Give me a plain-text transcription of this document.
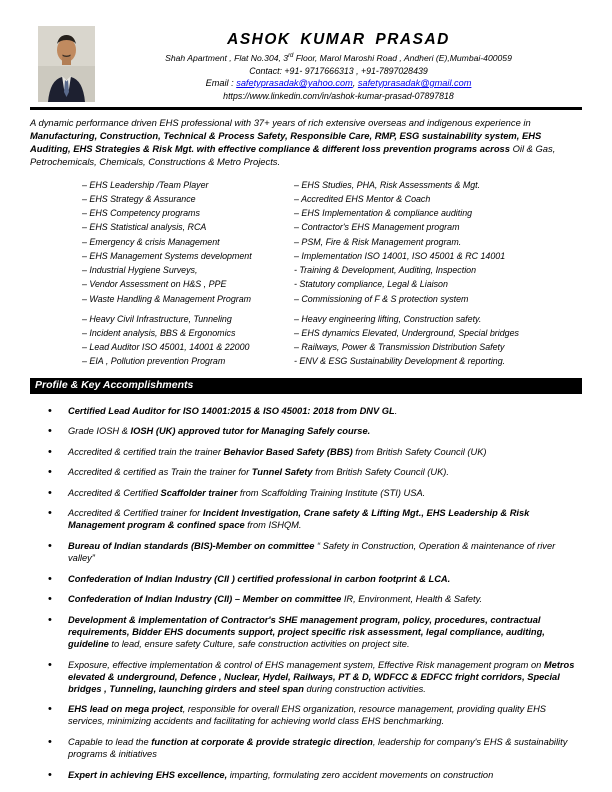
ASHOK KUMAR PRASAD
Shah Apartment , Flat No.304, 3rd Floor, Marol Maroshi Road , Andheri (E),Mumbai-400059
Contact: +91- 9717666313 , +91-7897028439
Email : safetyprasadak@yahoo.com, safetyprasadak@gmail.com
https://www.linkedin.com/in/ashok-kumar-prasad-07897818

A dynamic performance driven EHS professional with 37+ years of rich extensive overseas and indigenous experience in Manufacturing, Construction, Technical & Process Safety, Responsible Care, RMP, ESG sustainability system, EHS Auditing, EHS Strategies & Risk Mgt. with effective compliance & different loss prevention programs across Oil & Gas, Petrochemicals, Chemicals, Constructions & Metro Projects.

– EHS Leadership /Team Player	– EHS Studies, PHA, Risk Assessments & Mgt.
– EHS Strategy & Assurance	– Accredited EHS Mentor & Coach
– EHS Competency programs	– EHS Implementation & compliance auditing
– EHS Statistical analysis, RCA	– Contractor's EHS Management program
– Emergency & crisis Management	– PSM, Fire & Risk Management program.
– EHS Management Systems development	– Implementation ISO 14001, ISO 45001 & RC 14001
– Industrial Hygiene Surveys,	- Training & Development, Auditing, Inspection
– Vendor Assessment on H&S , PPE	- Statutory compliance, Legal & Liaison
– Waste Handling & Management Program	– Commissioning of F & S protection system
– Heavy Civil Infrastructure, Tunneling	– Heavy engineering lifting, Construction safety.
– Incident analysis, BBS & Ergonomics	– EHS dynamics Elevated, Underground, Special bridges
– Lead Auditor ISO 45001, 14001 & 22000	– Railways, Power & Transmission Distribution Safety
– EIA , Pollution prevention Program	- ENV & ESG Sustainability Development & reporting.
Profile & Key Accomplishments
• Certified Lead Auditor for ISO 14001:2015 & ISO 45001: 2018 from DNV GL.
• Grade IOSH & IOSH (UK) approved tutor for Managing Safely course.
• Accredited & certified train the trainer Behavior Based Safety (BBS) from British Safety Council (UK)
• Accredited & certified as Train the trainer for Tunnel Safety from British Safety Council (UK).
• Accredited & Certified Scaffolder trainer from Scaffolding Training Institute (STI) USA.
• Accredited & Certified trainer for Incident Investigation, Crane safety & Lifting Mgt., EHS Leadership & Risk Management program & confined space from ISHQM.
• Bureau of Indian standards (BIS)-Member on committee “ Safety in Construction, Operation & maintenance of river valley”
• Confederation of Indian Industry (CII ) certified professional in carbon footprint & LCA.
• Confederation of Indian Industry (CII) – Member on committee IR, Environment, Health & Safety.
• Development & implementation of Contractor's SHE management program, policy, procedures, contractual requirements, Bidder EHS documents support, project specific risk assessment, legal compliance, auditing, guideline to lead, ensure safety Culture, safe construction activities on project site.
• Exposure, effective implementation & control of EHS management system, Effective Risk management program on Metros elevated & underground, Defence , Nuclear, Hydel, Railways, PT & D, WDFCC & EDFCC fright corridors, Special bridges , Tunneling, launching girders and steel span during construction activities.
• EHS lead on mega project, responsible for overall EHS organization, resource management, providing quality EHS services, minimizing accidents and facilitating for achieving world class EHS benchmarking.
• Capable to lead the function at corporate & provide strategic direction, leadership for company's EHS & sustainability programs & initiatives
• Expert in achieving EHS excellence, imparting, formulating zero accident movements on construction
